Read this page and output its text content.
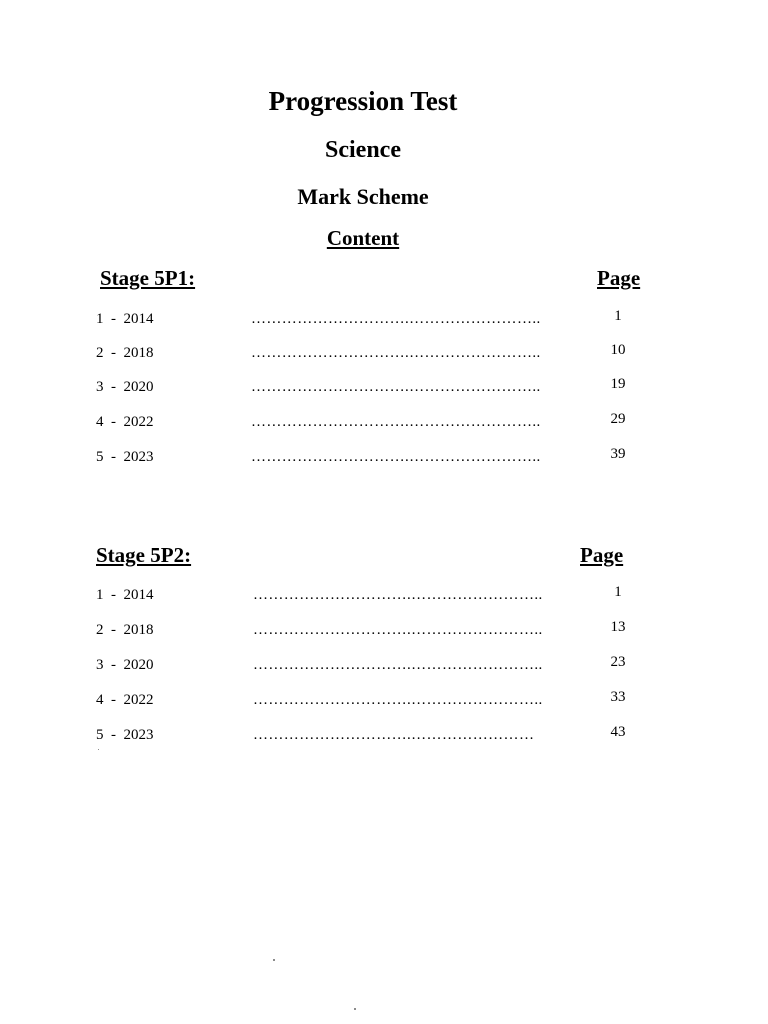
Progression Test
Science
Mark Scheme
Content
Stage 5P1:	Page
1  -  2014	………………………….……………………..	1
2  -  2018	………………………….……………………..	10
3  -  2020	………………………….……………………..	19
4  -  2022	………………………….……………………..	29
5  -  2023	………………………….……………………..	39
Stage 5P2:	Page
1  -  2014	………………………….……………………..	1
2  -  2018	………………………….……………………..	13
3  -  2020	………………………….……………………..	23
4  -  2022	………………………….……………………..	33
5  -  2023	………………………….……………………	43
